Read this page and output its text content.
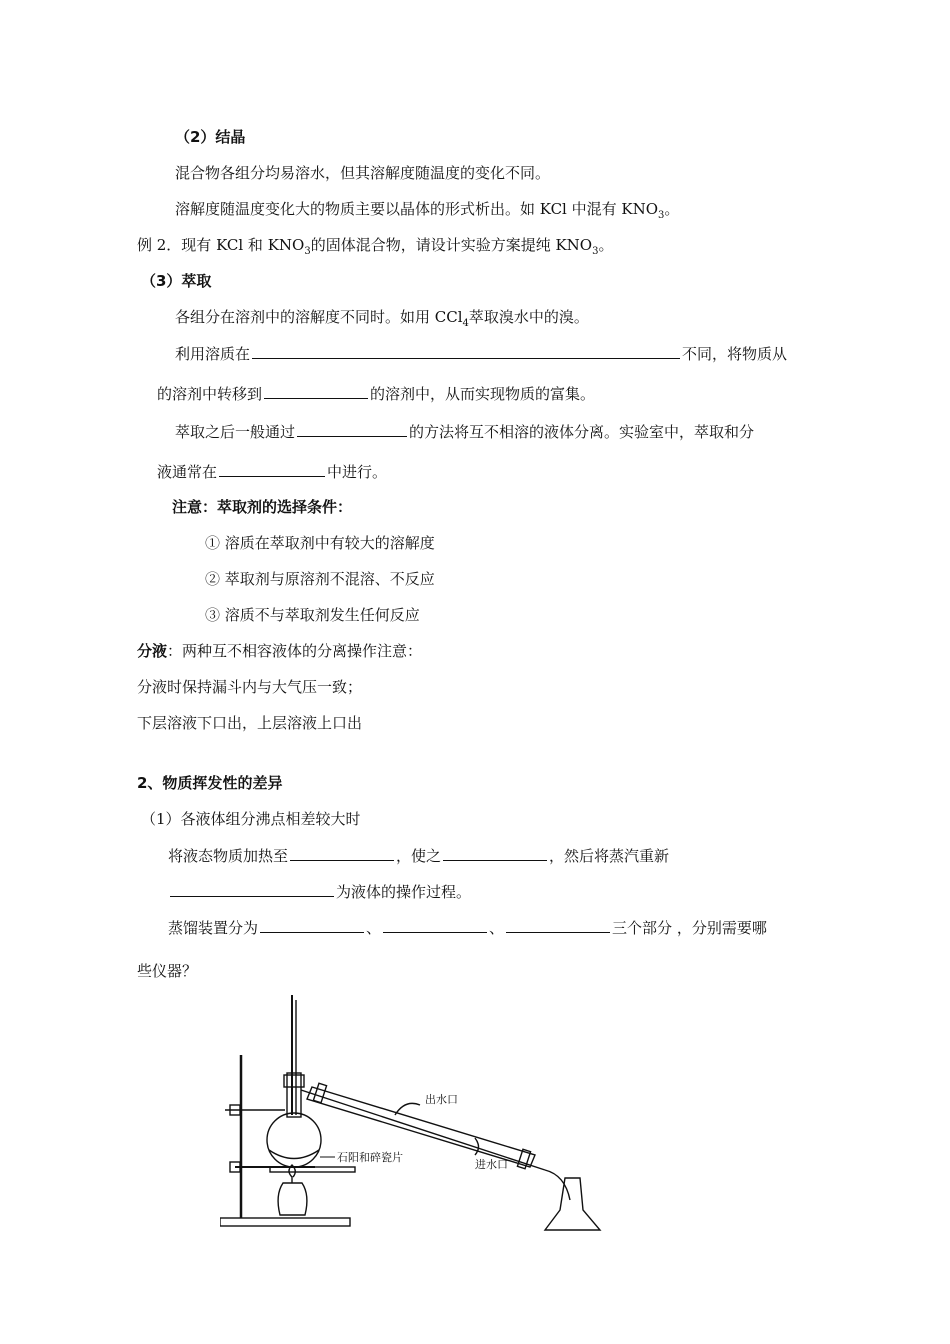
（2）结晶
混合物各组分均易溶水，但其溶解度随温度的变化不同。
溶解度随温度变化大的物质主要以晶体的形式析出。如 KCl 中混有 $KNO_3$。
例 2．现有 KCl 和 $KNO_3$的固体混合物，请设计实验方案提纯 $KNO_3$。
（3）萃取
各组分在溶剂中的溶解度不同时。如用 CCl$_4$萃取溴水中的溴。
利用溶质在	不同，将物质从
的溶剂中转移到	的溶剂中，从而实现物质的富集。
萃取之后一般通过	的方法将互不相溶的液体分离。实验室中，萃取和分
液通常在	中进行。
注意：萃取剂的选择条件：
① 溶质在萃取剂中有较大的溶解度
② 萃取剂与原溶剂不混溶、不反应
③ 溶质不与萃取剂发生任何反应
分液：两种互不相容液体的分离操作注意：
分液时保持漏斗内与大气压一致；
下层溶液下口出，上层溶液上口出
2、物质挥发性的差异
（1）各液体组分沸点相差较大时
将液态物质加热至	，使之	，然后将蒸汽重新
为液体的操作过程。
蒸馏装置分为	、	、	三个部分 ，分别需要哪
些仪器？
出水口
进水口
石阳和碎瓷片
